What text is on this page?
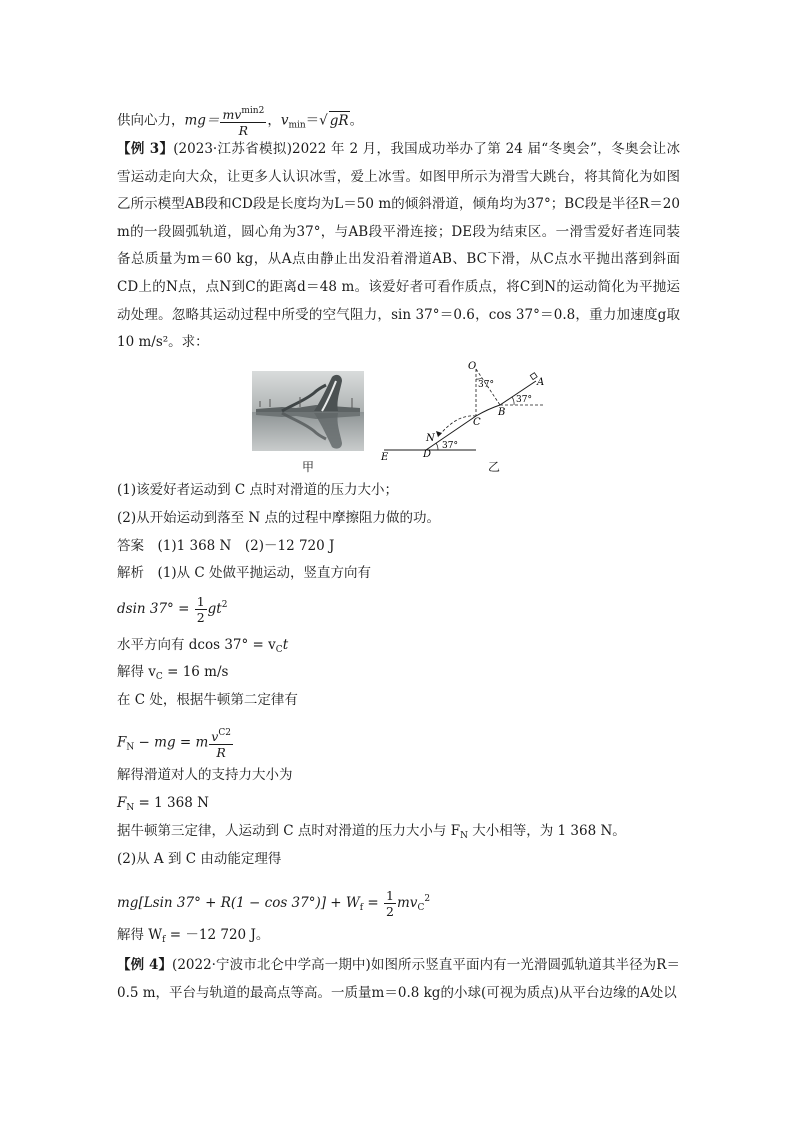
供向心力，$mg= \frac{mv^{min2}}{R}$ ，$v_{min}=√$ gR。
【例 3】(2023·江苏省模拟)2022 年 2 月，我国成功举办了第 24 届“冬奥会”，冬奥会让冰雪运动走向大众，让更多人认识冰雪，爱上冰雪。如图甲所示为滑雪大跳台，将其简化为如图乙所示模型AB段和CD段是长度均为L＝50 m的倾斜滑道，倾角均为37°；BC段是半径R＝20 m的一段圆弧轨道，圆心角为37°，与AB段平滑连接；DE段为结束区。一滑雪爱好者连同装备总质量为m＝60 kg，从A点由静止出发沿着滑道AB、BC下滑，从C点水平抛出落到斜面CD上的N点，点N到C的距离d＝48 m。该爱好者可看作质点，将C到N的运动简化为平抛运动处理。忽略其运动过程中所受的空气阻力，sin 37°＝0.6，cos 37°＝0.8，重力加速度g取10 m/s²。求：
甲
O
A
B
C
D
E
N
37°
37°
37°
乙
(1)该爱好者运动到 C 点时对滑道的压力大小；
(2)从开始运动到落至 N 点的过程中摩擦阻力做的功。
答案　(1)1 368 N　(2)－12 720 J
解析　(1)从 C 处做平抛运动，竖直方向有
dsin $37^\circ = \frac{1}{2} gt^2$
水平方向有 dcos $37^\circ = v_Ct$
解得 $v_C = 16$ m/s
在 C 处，根据牛顿第二定律有
$F_N$ − mg = m $\frac{v^{C2}}{R}$
解得滑道对人的支持力大小为
$F_N = 1$ 368 N
据牛顿第三定律，人运动到 C 点时对滑道的压力大小与 $F_N$ 大小相等，为 1 368 N。
(2)从 A 到 C 由动能定理得
mg[Lsin $37^\circ + R(1 - \cos 37^\circ)] + W_f = \frac{1}{2} mv_C^2$
解得 $W_f = -12$ 720 J。
【例 4】(2022·宁波市北仑中学高一期中)如图所示竖直平面内有一光滑圆弧轨道其半径为R＝0.5 m，平台与轨道的最高点等高。一质量m＝0.8 kg的小球(可视为质点)从平台边缘的A处以
